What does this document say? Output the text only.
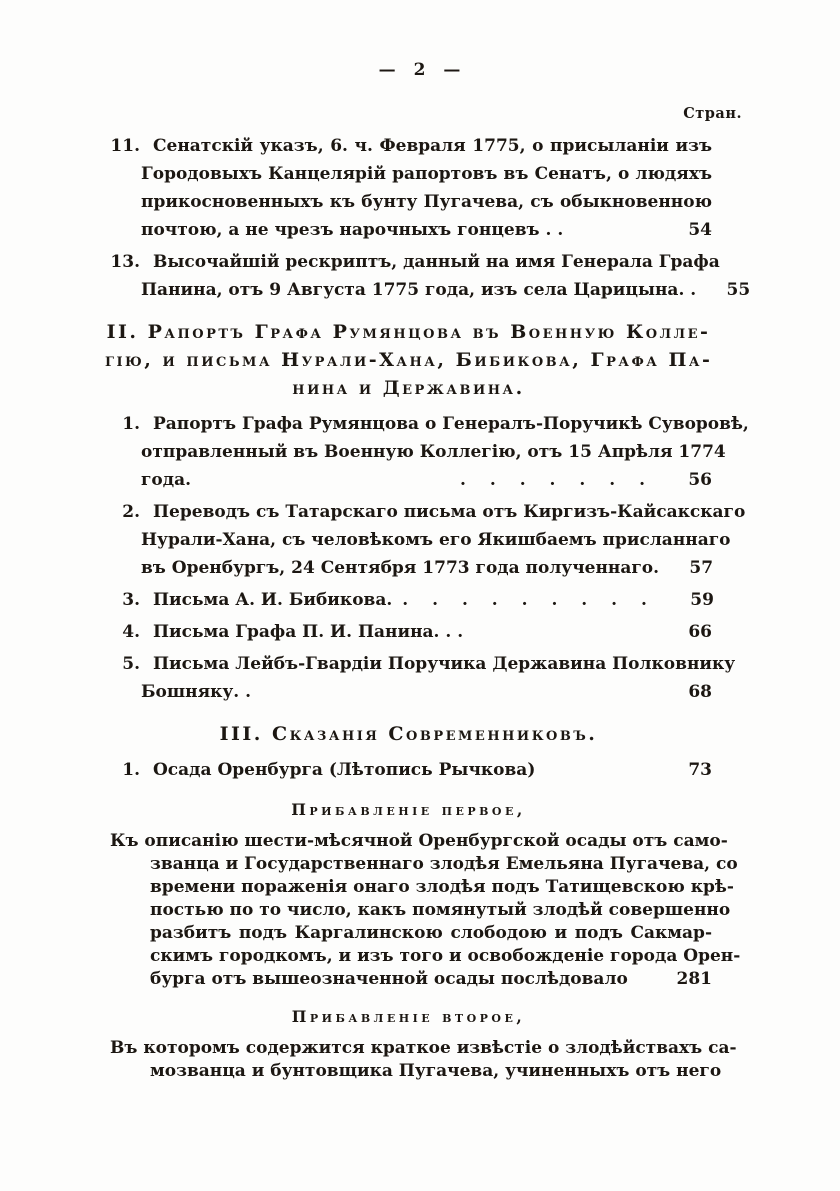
— 2 —
Стран.
11. Сенатскій указъ, 6. ч. Февраля 1775, о присыланіи изъ
Городовыхъ Канцелярій рапортовъ въ Сенатъ, о людяхъ
прикосновенныхъ къ бунту Пугачева, съ обыкновенною
почтою, а не чрезъ нарочныхъ гонцевъ . .	54
13. Высочайшій рескриптъ, данный на имя Генерала Графа
Панина, отъ 9 Августа 1775 года, изъ села Царицына. .	55
II. Рапортъ Графа Румянцова въ Военную Колле-
гію, и письма Нурали-Хана, Бибикова, Графа Па-
нина и Державина.
1. Рапортъ Графа Румянцова о Генералъ-Поручикѣ Суворовѣ,
отправленный въ Военную Коллегію, отъ 15 Апрѣля 1774
года.	. . . . . . .	56
2. Переводъ съ Татарскаго письма отъ Киргизъ-Кайсакскаго
Нурали-Хана, съ человѣкомъ его Якишбаемъ присланнаго
въ Оренбургъ, 24 Сентября 1773 года полученнаго.	57
3. Письма А. И. Бибикова. . . . . . . . . .	59
4. Письма Графа П. И. Панина. . .	66
5. Письма Лейбъ-Гвардіи Поручика Державина Полковнику
Бошняку. .	68
III. Сказанія Современниковъ.
1. Осада Оренбурга (Лѣтопись Рычкова)	73
Прибавленіе первое,
Къ описанію шести-мѣсячной Оренбургской осады отъ само-
званца и Государственнаго злодѣя Емельяна Пугачева, со
времени пораженія онаго злодѣя подъ Татищевскою крѣ-
постью по то число, какъ помянутый злодѣй совершенно
разбитъ подъ Каргалинскою слободою и подъ Сакмар-
скимъ городкомъ, и изъ того и освобожденіе города Орен-
бурга отъ вышеозначенной осады послѣдовало	281
Прибавленіе второе,
Въ которомъ содержится краткое извѣстіе о злодѣйствахъ са-
мозванца и бунтовщика Пугачева, учиненныхъ отъ него
